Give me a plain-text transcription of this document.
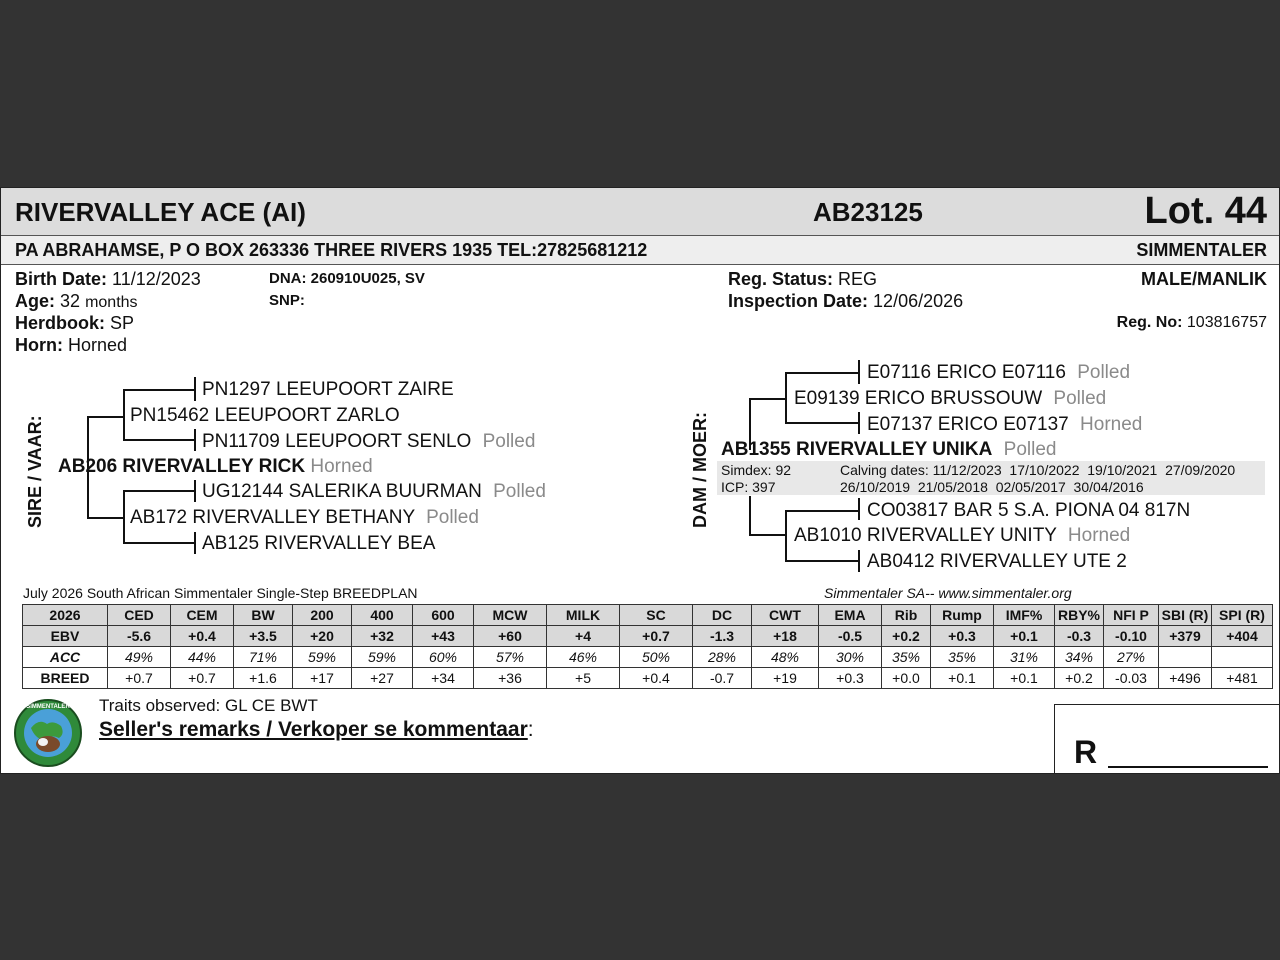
RIVERVALLEY ACE (AI)	AB23125	Lot. 44
PA ABRAHAMSE, P O BOX 263336 THREE RIVERS 1935 TEL:27825681212	SIMMENTALER
Birth Date: 11/12/2023
Age: 32 months
Herdbook: SP
Horn: Horned
DNA: 260910U025, SV
SNP:
Reg. Status: REG
Inspection Date: 12/06/2026
MALE/MANLIK
Reg. No: 103816757
SIRE / VAAR:
PN1297 LEEUPOORT ZAIRE
PN15462 LEEUPOORT ZARLO
PN11709 LEEUPOORT SENLO Polled
AB206 RIVERVALLEY RICK Horned
UG12144 SALERIKA BUURMAN Polled
AB172 RIVERVALLEY BETHANY Polled
AB125 RIVERVALLEY BEA
DAM / MOER:
E07116 ERICO E07116 Polled
E09139 ERICO BRUSSOUW Polled
E07137 ERICO E07137 Horned
AB1355 RIVERVALLEY UNIKA Polled
Simdex: 92
ICP: 397
Calving dates: 11/12/2023  17/10/2022  19/10/2021  27/09/2020
26/10/2019  21/05/2018  02/05/2017  30/04/2016
CO03817 BAR 5 S.A. PIONA 04 817N
AB1010 RIVERVALLEY UNITY Horned
AB0412 RIVERVALLEY UTE 2
July 2026 South African Simmentaler Single-Step BREEDPLAN	Simmentaler SA-- www.simmentaler.org
2026	CED	CEM	BW	200	400	600	MCW	MILK	SC	DC	CWT	EMA	Rib	Rump	IMF%	RBY%	NFI P	SBI (R)	SPI (R)
EBV	-5.6	+0.4	+3.5	+20	+32	+43	+60	+4	+0.7	-1.3	+18	-0.5	+0.2	+0.3	+0.1	-0.3	-0.10	+379	+404
ACC	49%	44%	71%	59%	59%	60%	57%	46%	50%	28%	48%	30%	35%	35%	31%	34%	27%		
BREED	+0.7	+0.7	+1.6	+17	+27	+34	+36	+5	+0.4	-0.7	+19	+0.3	+0.0	+0.1	+0.1	+0.2	-0.03	+496	+481
SIMMENTALER Traits observed: GL CE BWT
Seller's remarks / Verkoper se kommentaar:
R
